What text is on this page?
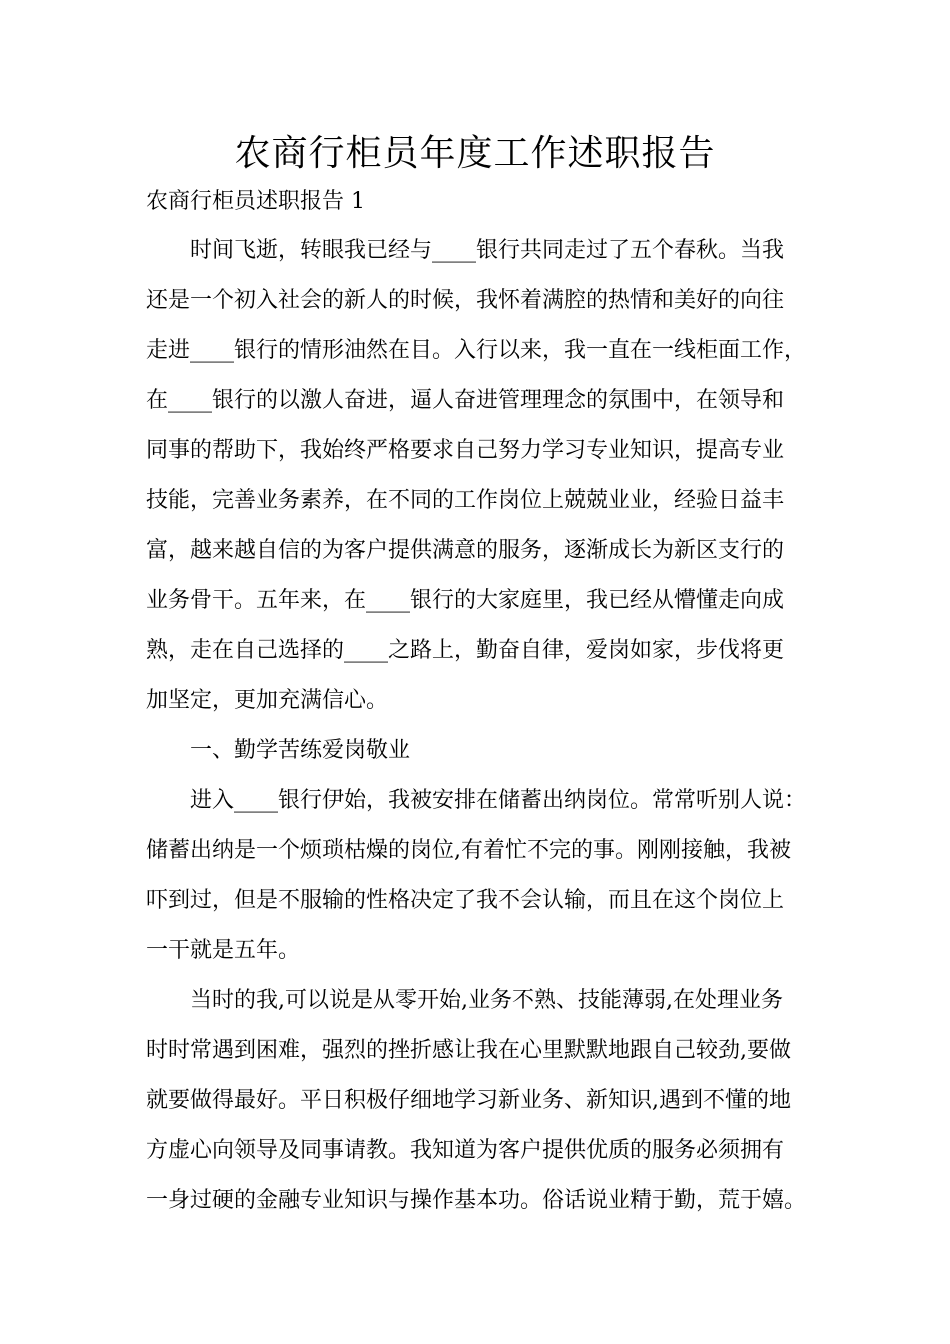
农商行柜员年度工作述职报告

农商行柜员述职报告 1

时间飞逝，转眼我已经与____银行共同走过了五个春秋。当我

还是一个初入社会的新人的时候，我怀着满腔的热情和美好的向往

走进____银行的情形油然在目。入行以来，我一直在一线柜面工作，

在____银行的以激人奋进，逼人奋进管理理念的氛围中，在领导和

同事的帮助下，我始终严格要求自己努力学习专业知识，提高专业

技能，完善业务素养，在不同的工作岗位上兢兢业业，经验日益丰

富，越来越自信的为客户提供满意的服务，逐渐成长为新区支行的

业务骨干。五年来，在____银行的大家庭里，我已经从懵懂走向成

熟，走在自己选择的____之路上，勤奋自律，爱岗如家，步伐将更

加坚定，更加充满信心。

一、勤学苦练爱岗敬业

进入____银行伊始，我被安排在储蓄出纳岗位。常常听别人说：

储蓄出纳是一个烦琐枯燥的岗位,有着忙不完的事。刚刚接触，我被

吓到过，但是不服输的性格决定了我不会认输，而且在这个岗位上

一干就是五年。

当时的我,可以说是从零开始,业务不熟、技能薄弱,在处理业务

时时常遇到困难，强烈的挫折感让我在心里默默地跟自己较劲,要做

就要做得最好。平日积极仔细地学习新业务、新知识,遇到不懂的地

方虚心向领导及同事请教。我知道为客户提供优质的服务必须拥有

一身过硬的金融专业知识与操作基本功。俗话说业精于勤，荒于嬉。
